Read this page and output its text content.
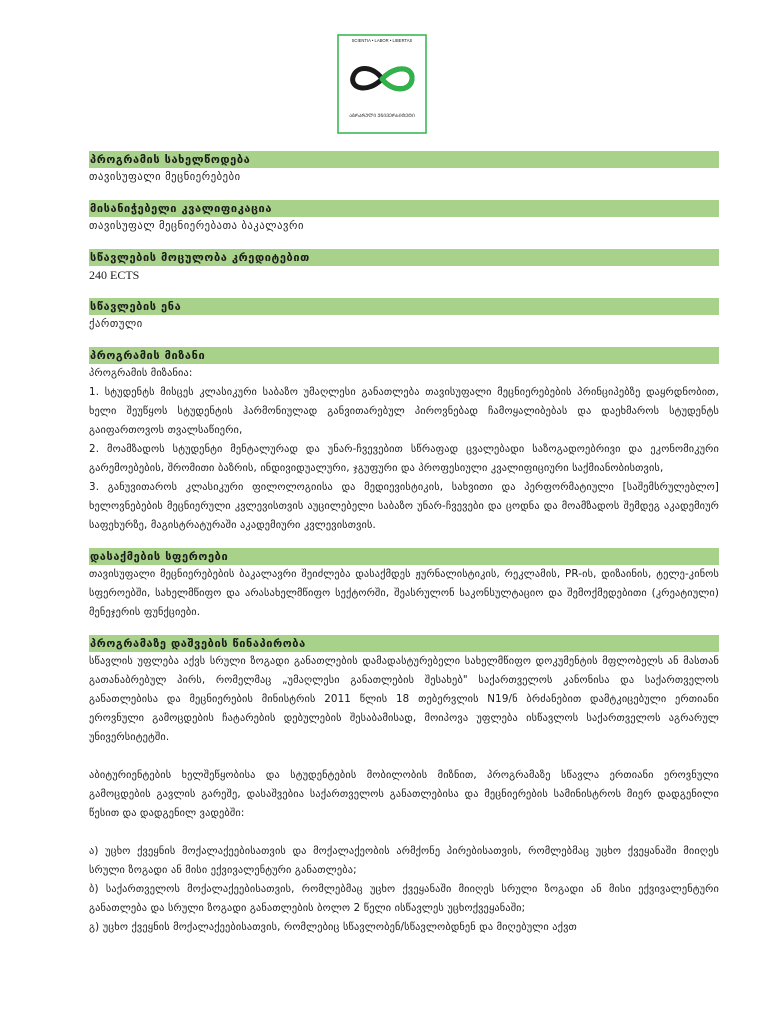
SCIENTIA • LABOR • LIBERTAS
ᲐᲒᲠᲐᲠᲣᲚᲘ ᲣᲜᲘᲕᲔᲠᲡᲘᲢᲔᲢᲘ
პროგრამის სახელწოდება
თავისუფალი მეცნიერებები
მისანიჭებელი კვალიფიკაცია
თავისუფალ მეცნიერებათა ბაკალავრი
სწავლების მოცულობა კრედიტებით
240 ECTS
სწავლების ენა
ქართული
პროგრამის მიზანი

პროგრამის მიზანია:

1. სტუდენტს მისცეს კლასიკური საბაზო უმაღლესი განათლება თავისუფალი მეცნიერებების პრინციპებზე დაყრდნობით, ხელი შეუწყოს სტუდენტის ჰარმონიულად განვითარებულ პიროვნებად ჩამოყალიბებას და დაეხმაროს სტუდენტს გაიფართოვოს თვალსაწიერი,

2. მოამზადოს სტუდენტი მენტალურად და უნარ-ჩვევებით სწრაფად ცვალებადი საზოგადოებრივი და ეკონომიკური გარემოებების, შრომითი ბაზრის, ინდივიდუალური, ჯგუფური და პროფესიული კვალიფიციური საქმიანობისთვის,

3. განუვითაროს კლასიკური ფილოლოგიისა და მედიევისტიკის, სახვითი და პერფორმატიული [საშემსრულებლო] ხელოვნებების მეცნიერული კვლევისთვის აუცილებელი საბაზო უნარ-ჩვევები და ცოდნა და მოამზადოს შემდეგ აკადემიურ საფეხურზე, მაგისტრატურაში აკადემიური კვლევისთვის.

დასაქმების სფეროები

თავისუფალი მეცნიერებების ბაკალავრი შეიძლება დასაქმდეს ჟურნალისტიკის, რეკლამის, PR-ის, დიზაინის, ტელე-კინოს სფეროებში, სახელმწიფო და არასახელმწიფო სექტორში, შეასრულონ საკონსულტაციო და შემოქმედებითი (კრეატიული) მენეჯერის ფუნქციები.

პროგრამაზე დაშვების წინაპირობა

სწავლის უფლება აქვს სრული ზოგადი განათლების დამადასტურებელი სახელმწიფო დოკუმენტის მფლობელს ან მასთან გათანაბრებულ პირს, რომელმაც „უმაღლესი განათლების შესახებ" საქართველოს კანონისა და საქართველოს განათლებისა და მეცნიერების მინისტრის 2011 წლის 18 თებერვლის N19/ნ ბრძანებით დამტკიცებული ერთიანი ეროვნული გამოცდების ჩატარების დებულების შესაბამისად, მოიპოვა უფლება ისწავლოს საქართველოს აგრარულ უნივერსიტეტში.

აბიტურიენტების ხელშეწყობისა და სტუდენტების მობილობის მიზნით, პროგრამაზე სწავლა ერთიანი ეროვნული გამოცდების გავლის გარეშე, დასაშვებია საქართველოს განათლებისა და მეცნიერების სამინისტროს მიერ დადგენილი წესით და დადგენილ ვადებში:

ა) უცხო ქვეყნის მოქალაქეებისათვის და მოქალაქეობის არმქონე პირებისათვის, რომლებმაც უცხო ქვეყანაში მიიღეს სრული ზოგადი ან მისი ექვივალენტური განათლება;

ბ) საქართველოს მოქალაქეებისათვის, რომლებმაც უცხო ქვეყანაში მიიღეს სრული ზოგადი ან მისი ექვივალენტური განათლება და სრული ზოგადი განათლების ბოლო 2 წელი ისწავლეს უცხოქვეყანაში;

გ) უცხო ქვეყნის მოქალაქეებისათვის, რომლებიც სწავლობენ/სწავლობდნენ და მიღებული აქვთ
